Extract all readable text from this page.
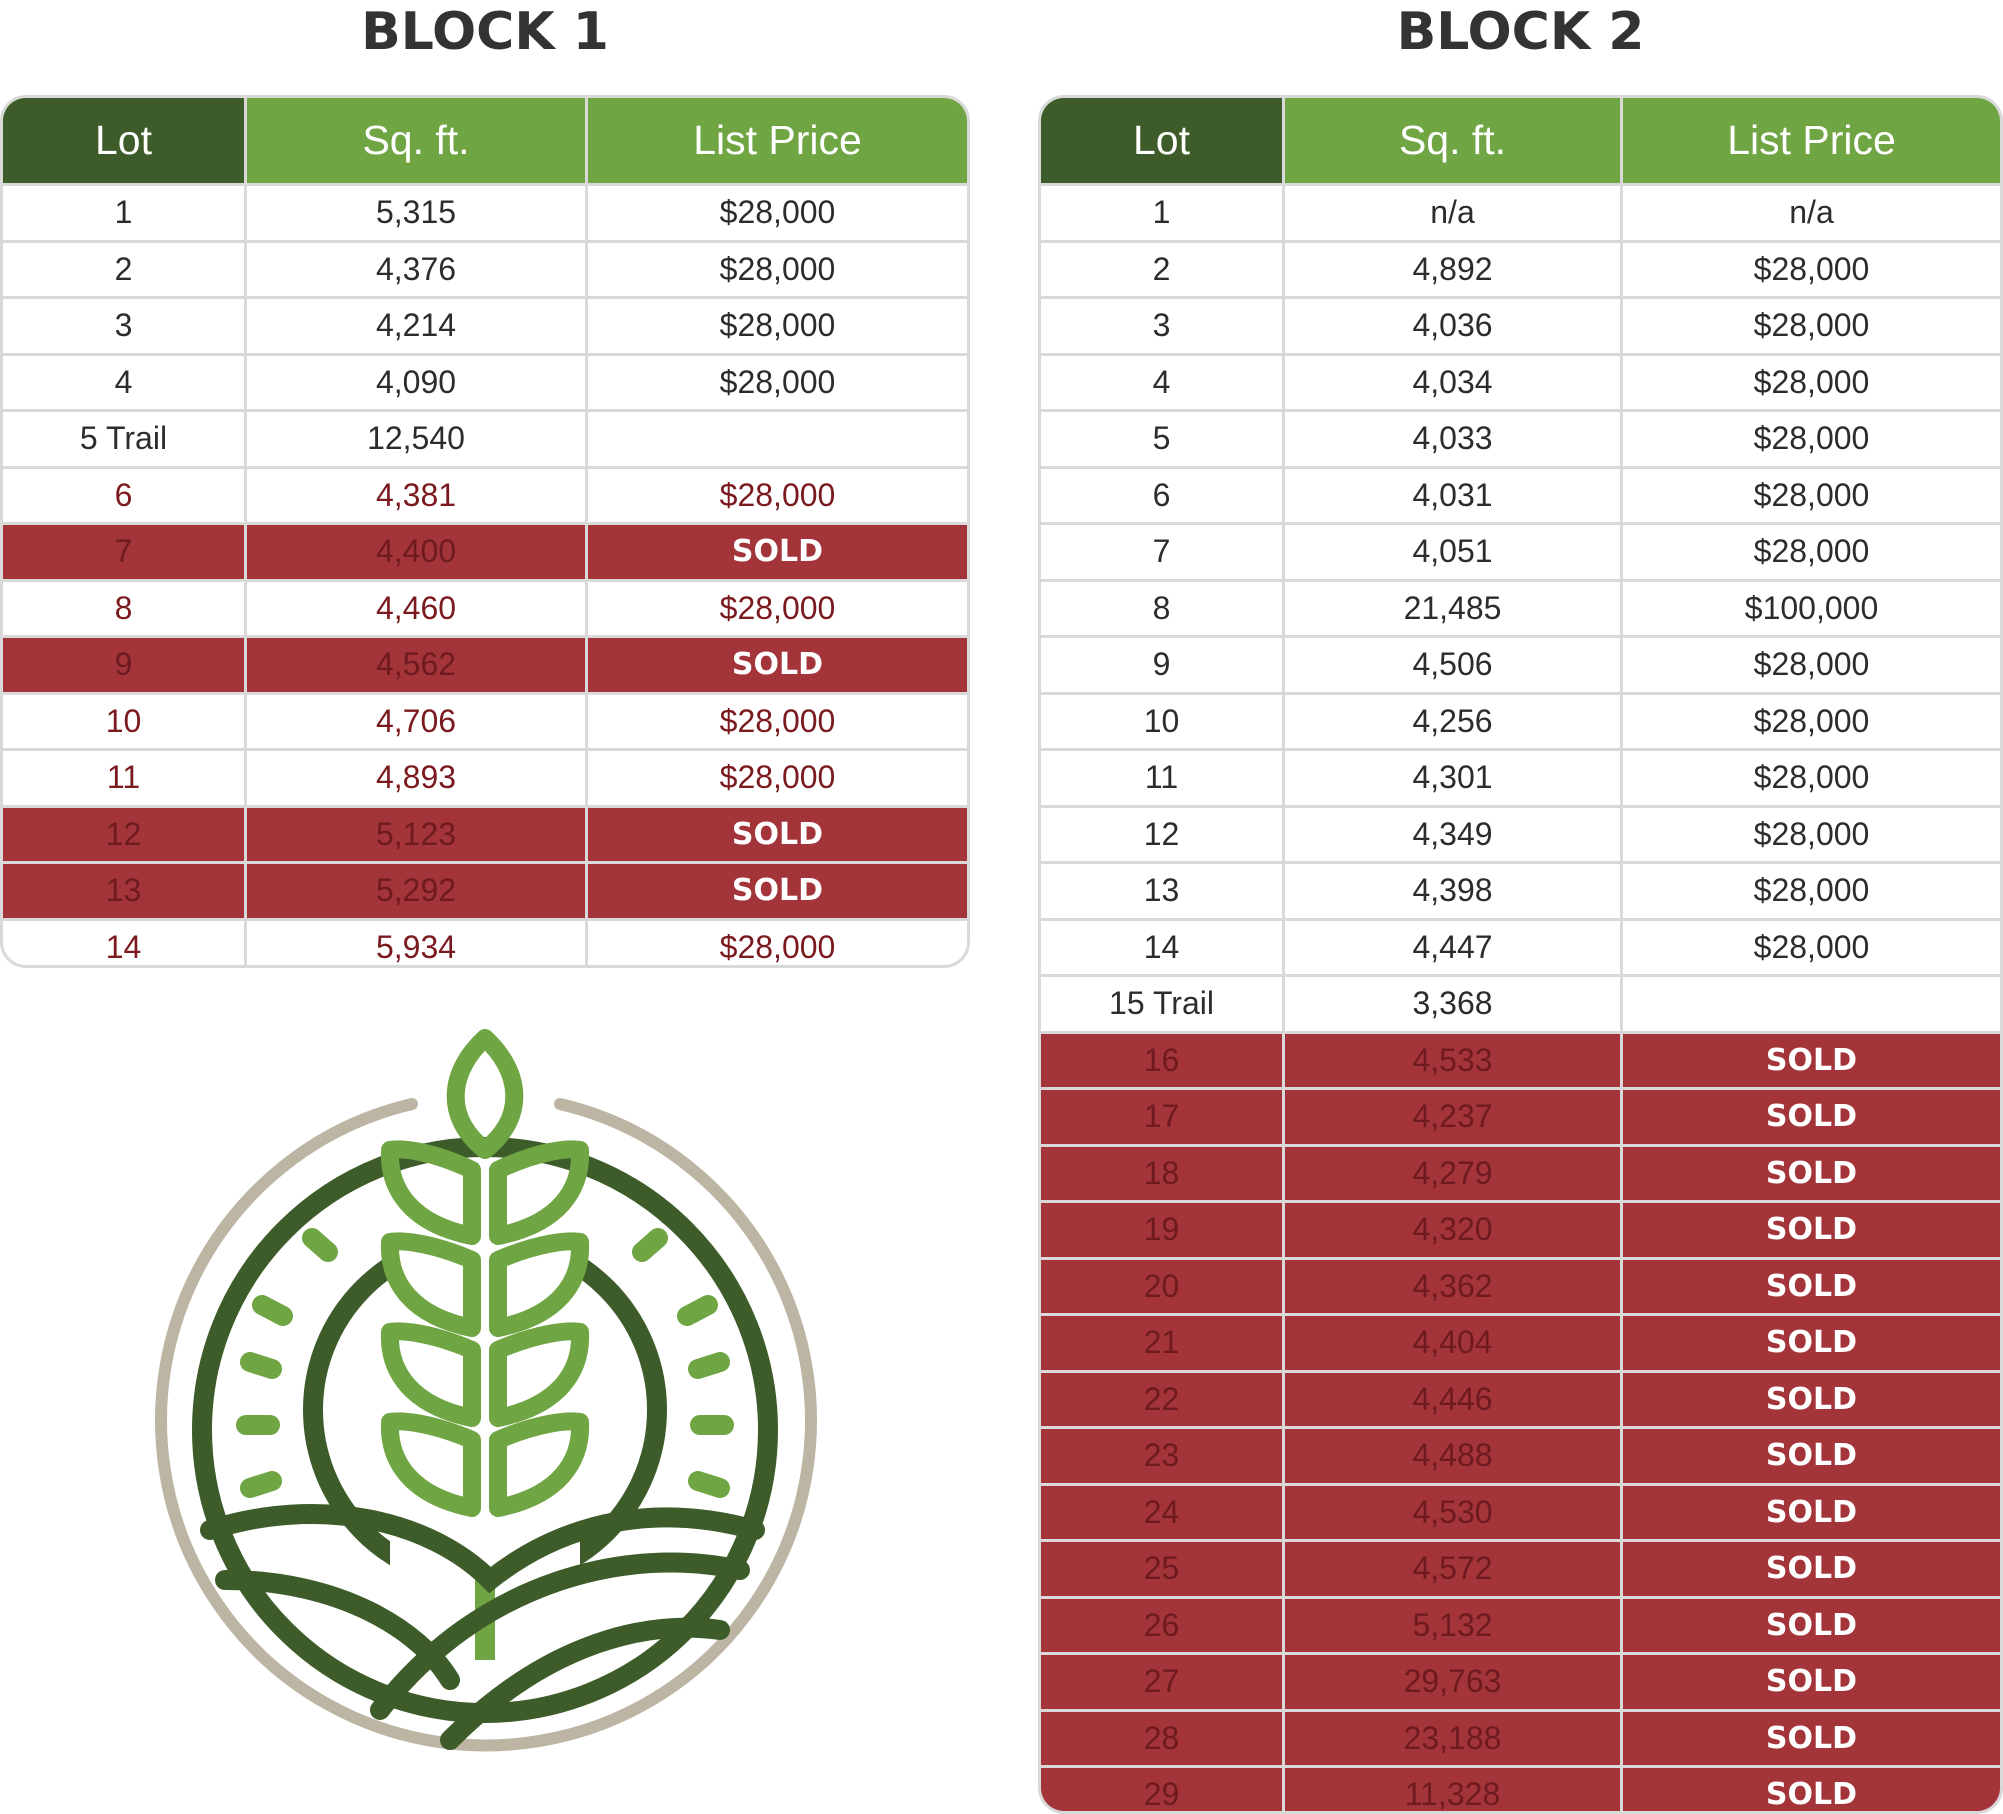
BLOCK 1	BLOCK 2
Lot	Sq. ft.	List Price
1	5,315	$28,000
2	4,376	$28,000
3	4,214	$28,000
4	4,090	$28,000
5 Trail	12,540
6	4,381	$28,000
7	4,400	SOLD
8	4,460	$28,000
9	4,562	SOLD
10	4,706	$28,000
11	4,893	$28,000
12	5,123	SOLD
13	5,292	SOLD
14	5,934	$28,000
Lot	Sq. ft.	List Price
1	n/a	n/a
2	4,892	$28,000
3	4,036	$28,000
4	4,034	$28,000
5	4,033	$28,000
6	4,031	$28,000
7	4,051	$28,000
8	21,485	$100,000
9	4,506	$28,000
10	4,256	$28,000
11	4,301	$28,000
12	4,349	$28,000
13	4,398	$28,000
14	4,447	$28,000
15 Trail	3,368
16	4,533	SOLD
17	4,237	SOLD
18	4,279	SOLD
19	4,320	SOLD
20	4,362	SOLD
21	4,404	SOLD
22	4,446	SOLD
23	4,488	SOLD
24	4,530	SOLD
25	4,572	SOLD
26	5,132	SOLD
27	29,763	SOLD
28	23,188	SOLD
29	11,328	SOLD
